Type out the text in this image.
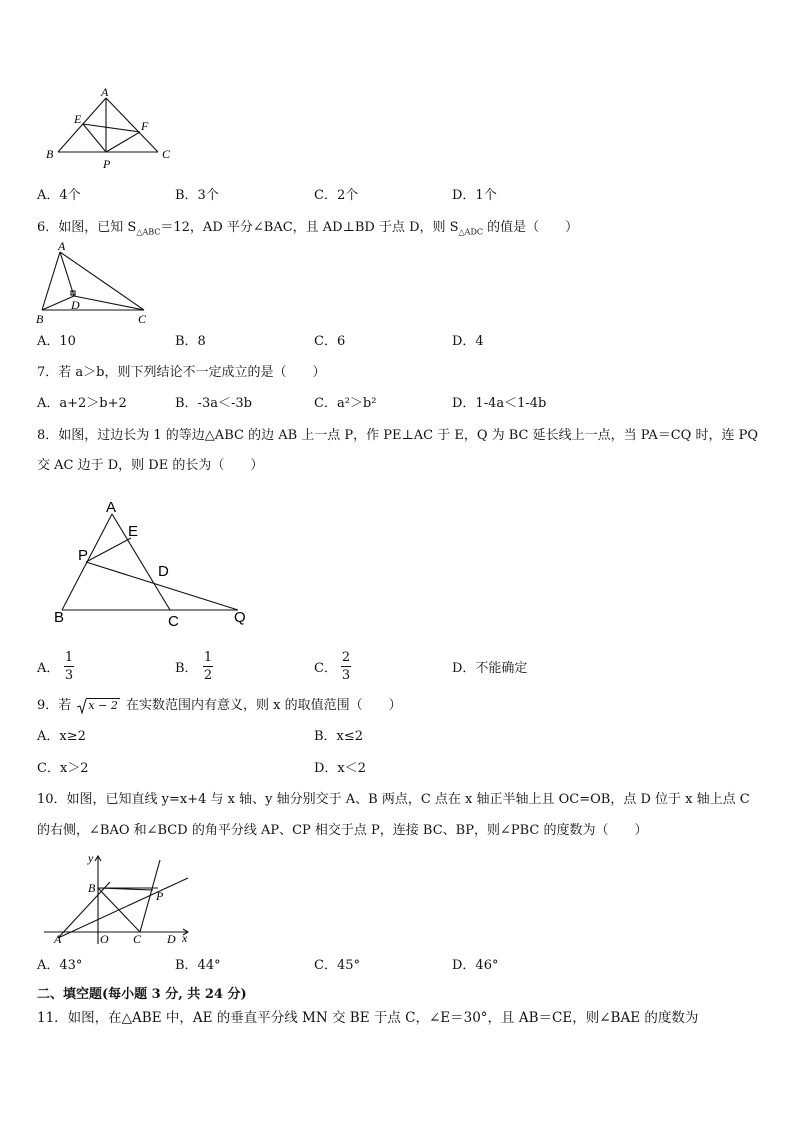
A
B	C
E	F
P
A．4个	B．3个	C．2个	D．1个
6．如图，已知 $S_{\triangle ABC}=12$，AD 平分∠BAC，且 AD⊥BD 于点 D，则 $S_{\triangle ADC}$ 的值是（　　）
A
B	C
D
A．10	B．8	C．6	D．4
7．若 a＞b，则下列结论不一定成立的是（　　）
A．a+2＞b+2	B．-3a＜-3b	C．a²＞b²	D．1-4a＜1-4b
8．如图，过边长为 1 的等边△ABC 的边 AB 上一点 P，作 PE⊥AC 于 E，Q 为 BC 延长线上一点，当 PA＝CQ 时，连 PQ
交 AC 边于 D，则 DE 的长为（　　）
A
B	C
D
E
P
Q
A．
1
3	B．
1
2	C．
2
3	D．不能确定
9．若 x − 2 在实数范围内有意义，则 x 的取值范围（　　）
A．x≥2	B．x≤2
C．x＞2	D．x＜2
10．如图，已知直线 y=x+4 与 x 轴、y 轴分别交于 A、B 两点，C 点在 x 轴正半轴上且 OC=OB，点 D 位于 x 轴上点 C
的右侧，∠BAO 和∠BCD 的角平分线 AP、CP 相交于点 P，连接 BC、BP，则∠PBC 的度数为（　　）
y
x
A
B
C D
O
P
A．43°	B．44°	C．45°	D．46°
二、填空题(每小题 3 分, 共 24 分)
11．如图，在△ABE 中，AE 的垂直平分线 MN 交 BE 于点 C，∠E＝30°，且 AB＝CE，则∠BAE 的度数为
